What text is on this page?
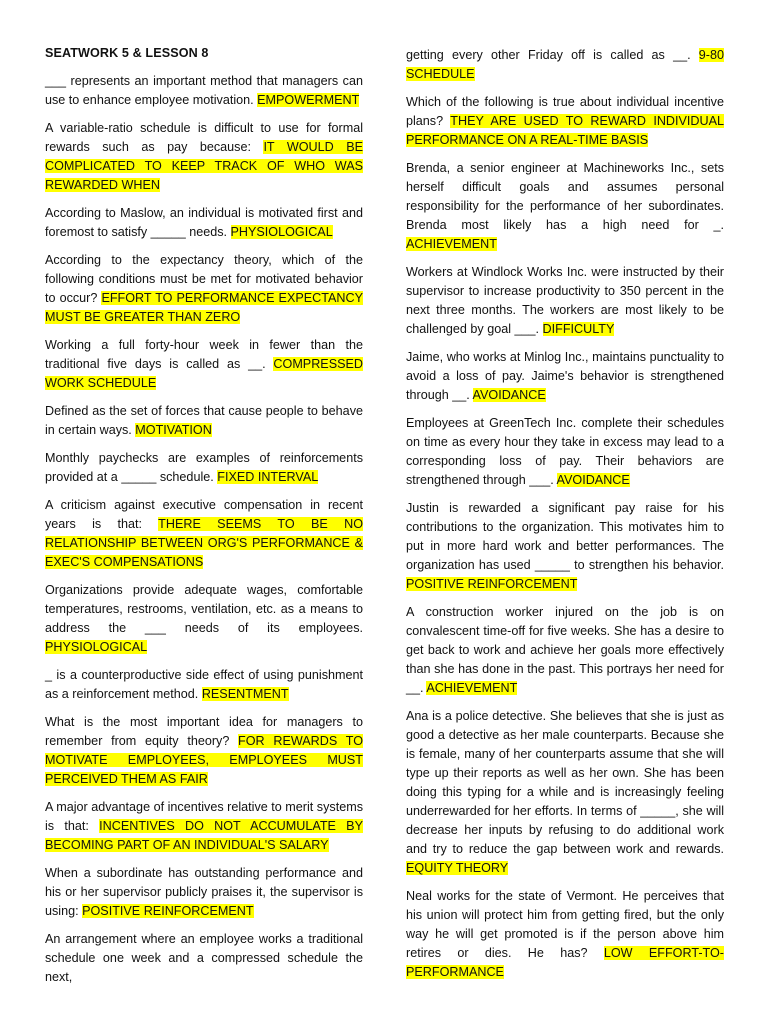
SEATWORK 5 & LESSON 8
___ represents an important method that managers can use to enhance employee motivation. EMPOWERMENT
A variable-ratio schedule is difficult to use for formal rewards such as pay because: IT WOULD BE COMPLICATED TO KEEP TRACK OF WHO WAS REWARDED WHEN
According to Maslow, an individual is motivated first and foremost to satisfy _____ needs. PHYSIOLOGICAL
According to the expectancy theory, which of the following conditions must be met for motivated behavior to occur? EFFORT TO PERFORMANCE EXPECTANCY MUST BE GREATER THAN ZERO
Working a full forty-hour week in fewer than the traditional five days is called as __. COMPRESSED WORK SCHEDULE
Defined as the set of forces that cause people to behave in certain ways. MOTIVATION
Monthly paychecks are examples of reinforcements provided at a _____ schedule. FIXED INTERVAL
A criticism against executive compensation in recent years is that: THERE SEEMS TO BE NO RELATIONSHIP BETWEEN ORG'S PERFORMANCE & EXEC'S COMPENSATIONS
Organizations provide adequate wages, comfortable temperatures, restrooms, ventilation, etc. as a means to address the ___ needs of its employees. PHYSIOLOGICAL
_ is a counterproductive side effect of using punishment as a reinforcement method. RESENTMENT
What is the most important idea for managers to remember from equity theory? FOR REWARDS TO MOTIVATE EMPLOYEES, EMPLOYEES MUST PERCEIVED THEM AS FAIR
A major advantage of incentives relative to merit systems is that: INCENTIVES DO NOT ACCUMULATE BY BECOMING PART OF AN INDIVIDUAL'S SALARY
When a subordinate has outstanding performance and his or her supervisor publicly praises it, the supervisor is using: POSITIVE REINFORCEMENT
An arrangement where an employee works a traditional schedule one week and a compressed schedule the next,
getting every other Friday off is called as __. 9-80 SCHEDULE
Which of the following is true about individual incentive plans? THEY ARE USED TO REWARD INDIVIDUAL PERFORMANCE ON A REAL-TIME BASIS
Brenda, a senior engineer at Machineworks Inc., sets herself difficult goals and assumes personal responsibility for the performance of her subordinates. Brenda most likely has a high need for _. ACHIEVEMENT
Workers at Windlock Works Inc. were instructed by their supervisor to increase productivity to 350 percent in the next three months. The workers are most likely to be challenged by goal ___. DIFFICULTY
Jaime, who works at Minlog Inc., maintains punctuality to avoid a loss of pay. Jaime's behavior is strengthened through __. AVOIDANCE
Employees at GreenTech Inc. complete their schedules on time as every hour they take in excess may lead to a corresponding loss of pay. Their behaviors are strengthened through ___. AVOIDANCE
Justin is rewarded a significant pay raise for his contributions to the organization. This motivates him to put in more hard work and better performances. The organization has used _____ to strengthen his behavior. POSITIVE REINFORCEMENT
A construction worker injured on the job is on convalescent time-off for five weeks. She has a desire to get back to work and achieve her goals more effectively than she has done in the past. This portrays her need for __. ACHIEVEMENT
Ana is a police detective. She believes that she is just as good a detective as her male counterparts. Because she is female, many of her counterparts assume that she will type up their reports as well as her own. She has been doing this typing for a while and is increasingly feeling underrewarded for her efforts. In terms of _____, she will decrease her inputs by refusing to do additional work and try to reduce the gap between work and rewards. EQUITY THEORY
Neal works for the state of Vermont. He perceives that his union will protect him from getting fired, but the only way he will get promoted is if the person above him retires or dies. He has? LOW EFFORT-TO-PERFORMANCE
